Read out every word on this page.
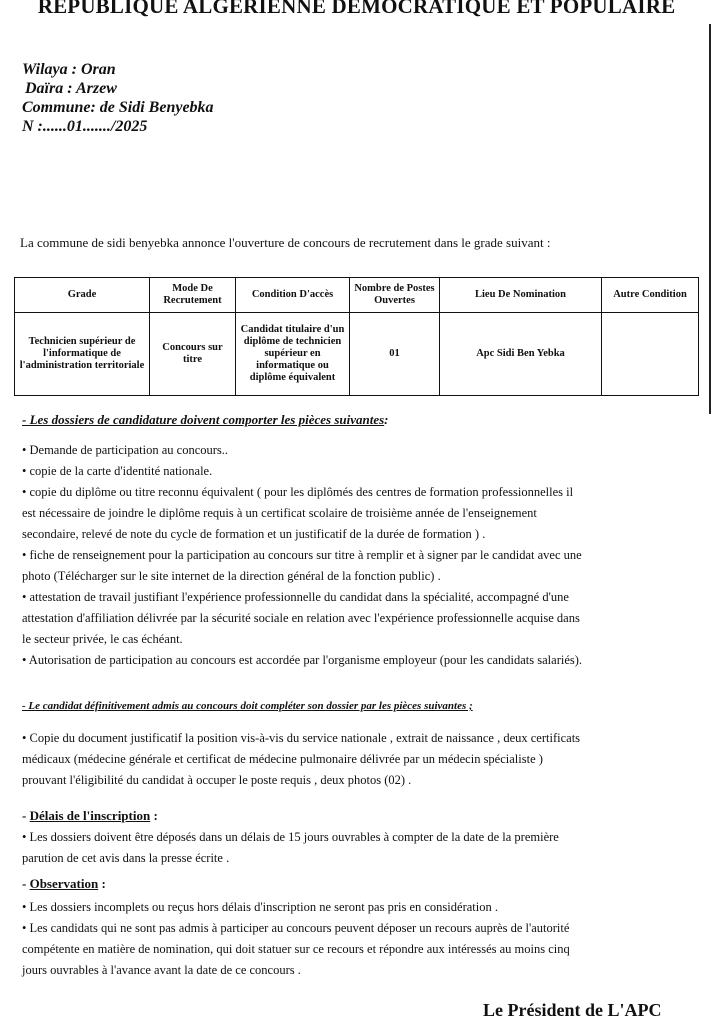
REPUBLIQUE ALGERIENNE DEMOCRATIQUE ET POPULAIRE
Wilaya : Oran
Daïra : Arzew
Commune: de Sidi Benyebka
N :......01......./2025
La commune de sidi benyebka annonce l'ouverture de concours de recrutement dans le grade suivant :
Grade	Mode De Recrutement	Condition D'accès	Nombre de Postes Ouvertes	Lieu De Nomination	Autre Condition
Technicien supérieur de l'informatique de l'administration territoriale	Concours sur titre	Candidat titulaire d'un diplôme de technicien supérieur en informatique ou diplôme équivalent	01	Apc Sidi Ben Yebka	
- Les dossiers de candidature doivent comporter les pièces suivantes:
• Demande de participation au concours..
• copie de la carte d'identité nationale.
• copie du diplôme ou titre reconnu équivalent ( pour les diplômés des centres de formation professionnelles il
est nécessaire de joindre le diplôme requis à un certificat scolaire de troisième année de l'enseignement
secondaire, relevé de note du cycle de formation et un justificatif de la durée de formation ) .
• fiche de renseignement pour la participation au concours sur titre à remplir et à signer par le candidat avec une
photo (Télécharger sur le site internet de la direction général de la fonction public) .
• attestation de travail justifiant l'expérience professionnelle du candidat dans la spécialité, accompagné d'une
attestation d'affiliation délivrée par la sécurité sociale en relation avec l'expérience professionnelle acquise dans
le secteur privée, le cas échéant.
• Autorisation de participation au concours est accordée par l'organisme employeur (pour les candidats salariés).
- Le candidat définitivement admis au concours doit compléter son dossier par les pièces suivantes ;
• Copie du document justificatif la position vis-à-vis du service nationale , extrait de naissance , deux certificats
médicaux (médecine générale et certificat de médecine pulmonaire délivrée par un médecin spécialiste )
prouvant l'éligibilité du candidat à occuper le poste requis , deux photos (02) .
- Délais de l'inscription :
• Les dossiers doivent être déposés dans un délais de 15 jours ouvrables à compter de la date de la première
parution de cet avis dans la presse écrite .
- Observation :
• Les dossiers incomplets ou reçus hors délais d'inscription ne seront pas pris en considération .
• Les candidats qui ne sont pas admis à participer au concours peuvent déposer un recours auprès de l'autorité
compétente en matière de nomination, qui doit statuer sur ce recours et répondre aux intéressés au moins cinq
jours ouvrables à l'avance avant la date de ce concours .
Le Président de L'APC
